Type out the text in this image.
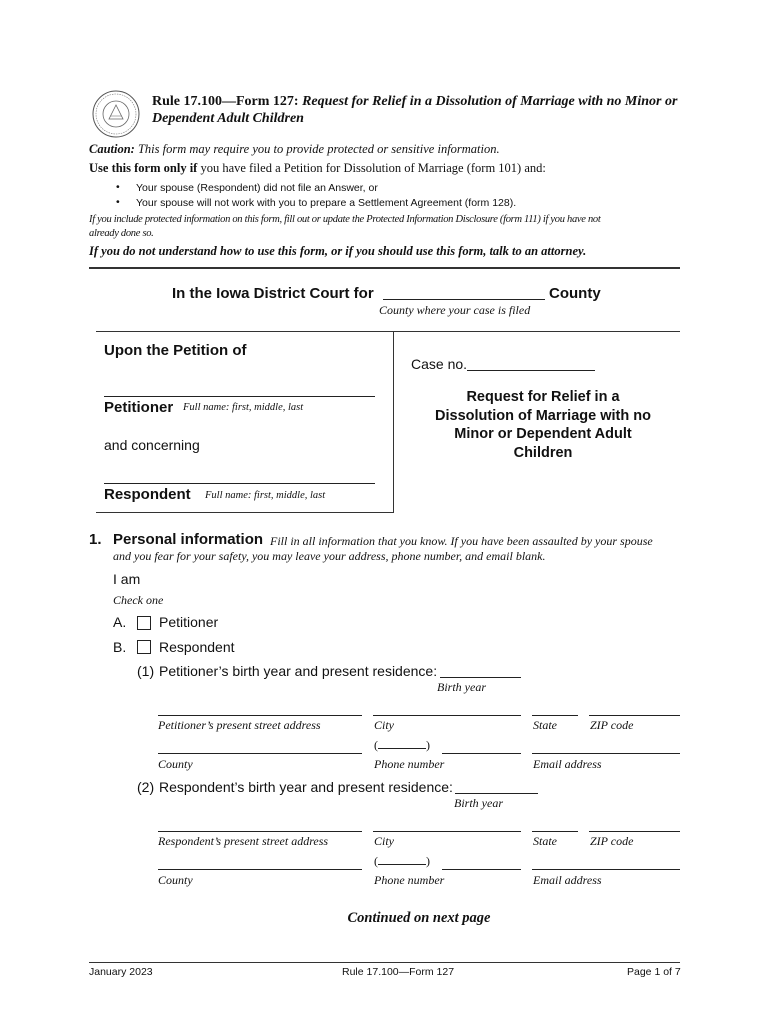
Rule 17.100—Form 127: Request for Relief in a Dissolution of Marriage with no Minor or
Dependent Adult Children
Caution: This form may require you to provide protected or sensitive information.
Use this form only if you have filed a Petition for Dissolution of Marriage (form 101) and:
• Your spouse (Respondent) did not file an Answer, or
• Your spouse will not work with you to prepare a Settlement Agreement (form 128).
If you include protected information on this form, fill out or update the Protected Information Disclosure (form 111) if you have not
already done so.
If you do not understand how to use this form, or if you should use this form, talk to an attorney.
In the Iowa District Court for	County
County where your case is filed
Upon the Petition of
Petitioner Full name: first, middle, last
and concerning
Respondent Full name: first, middle, last
Case no.
Request for Relief in a
Dissolution of Marriage with no
Minor or Dependent Adult
Children
1. Personal information Fill in all information that you know. If you have been assaulted by your spouse
and you fear for your safety, you may leave your address, phone number, and email blank.
I am
Check one
A. Petitioner
B. Respondent
(1) Petitioner’s birth year and present residence:
Birth year
Petitioner’s present street address	City	State	ZIP code
(	)
County	Phone number	Email address
(2) Respondent’s birth year and present residence:
Birth year
Respondent’s present street address	City	State	ZIP code
(	)
County	Phone number	Email address
Continued on next page
January 2023	Rule 17.100—Form 127	Page 1 of 7
